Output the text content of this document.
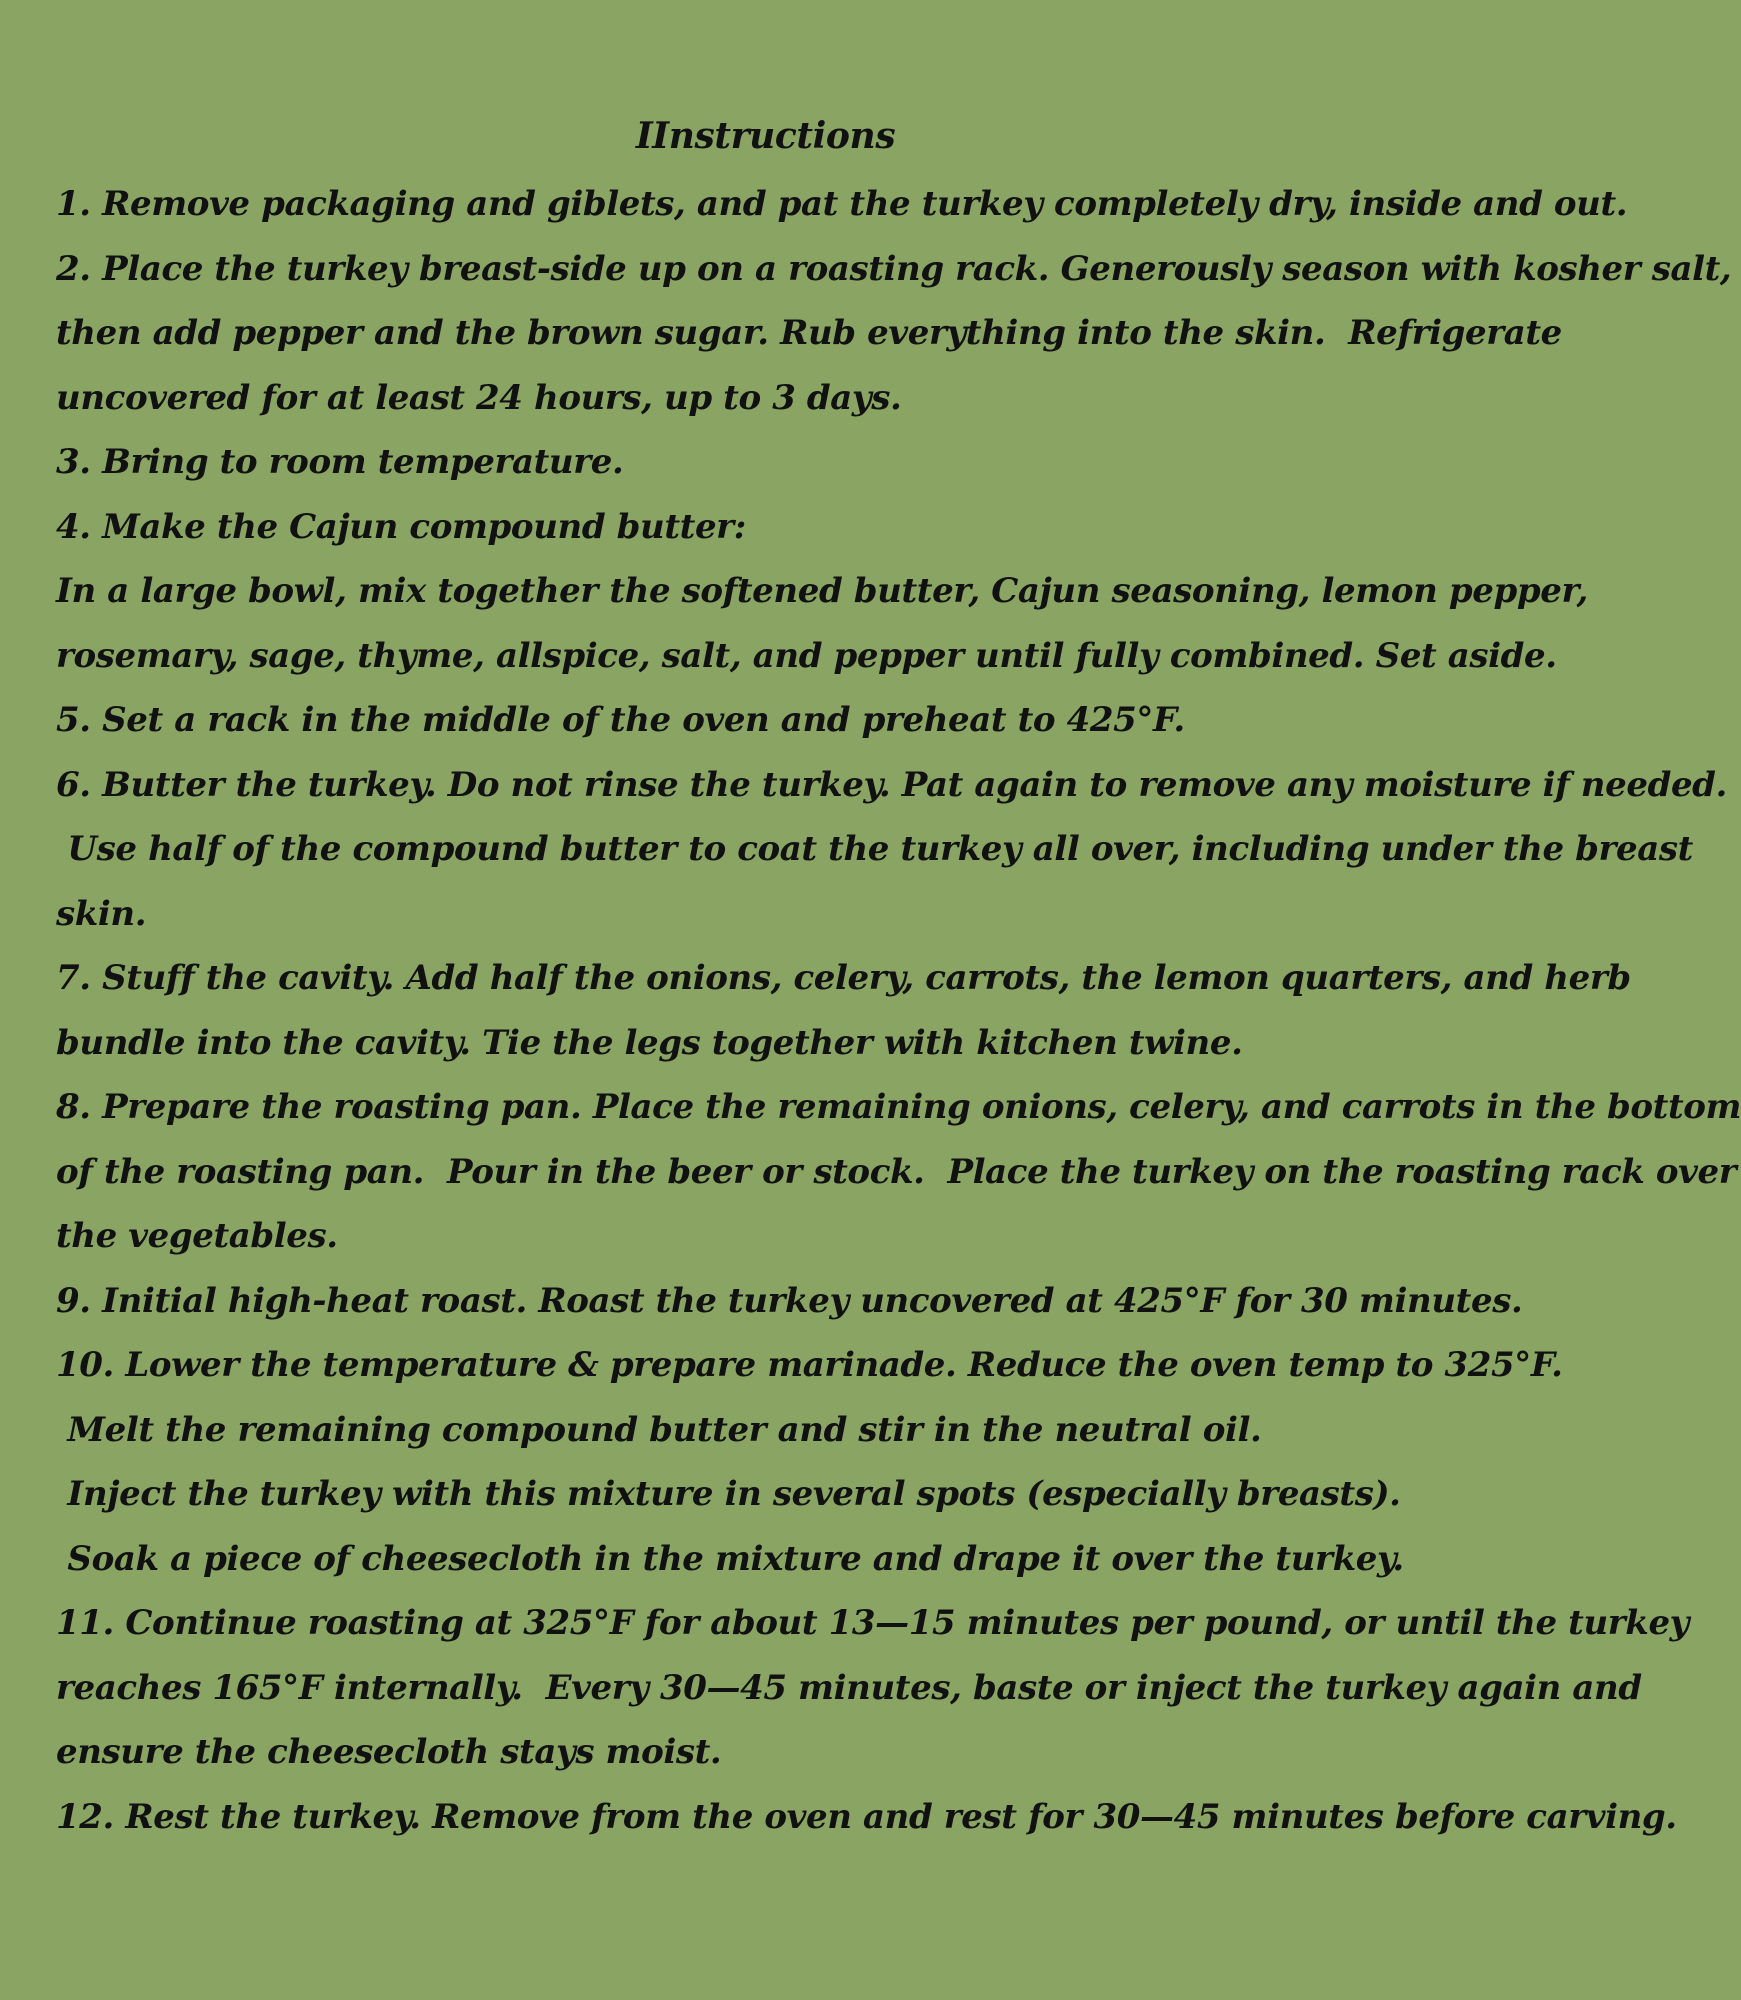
IInstructions
1. Remove packaging and giblets, and pat the turkey completely dry, inside and out.
2. Place the turkey breast-side up on a roasting rack. Generously season with kosher salt,
then add pepper and the brown sugar. Rub everything into the skin.  Refrigerate
uncovered for at least 24 hours, up to 3 days.
3. Bring to room temperature.
4. Make the Cajun compound butter:
In a large bowl, mix together the softened butter, Cajun seasoning, lemon pepper,
rosemary, sage, thyme, allspice, salt, and pepper until fully combined. Set aside.
5. Set a rack in the middle of the oven and preheat to 425°F.
6. Butter the turkey. Do not rinse the turkey. Pat again to remove any moisture if needed.
Use half of the compound butter to coat the turkey all over, including under the breast
skin.
7. Stuff the cavity. Add half the onions, celery, carrots, the lemon quarters, and herb
bundle into the cavity. Tie the legs together with kitchen twine.
8. Prepare the roasting pan. Place the remaining onions, celery, and carrots in the bottom
of the roasting pan.  Pour in the beer or stock.  Place the turkey on the roasting rack over
the vegetables.
9. Initial high-heat roast. Roast the turkey uncovered at 425°F for 30 minutes.
10. Lower the temperature & prepare marinade. Reduce the oven temp to 325°F.
Melt the remaining compound butter and stir in the neutral oil.
Inject the turkey with this mixture in several spots (especially breasts).
Soak a piece of cheesecloth in the mixture and drape it over the turkey.
11. Continue roasting at 325°F for about 13—15 minutes per pound, or until the turkey
reaches 165°F internally.  Every 30—45 minutes, baste or inject the turkey again and
ensure the cheesecloth stays moist.
12. Rest the turkey. Remove from the oven and rest for 30—45 minutes before carving.
